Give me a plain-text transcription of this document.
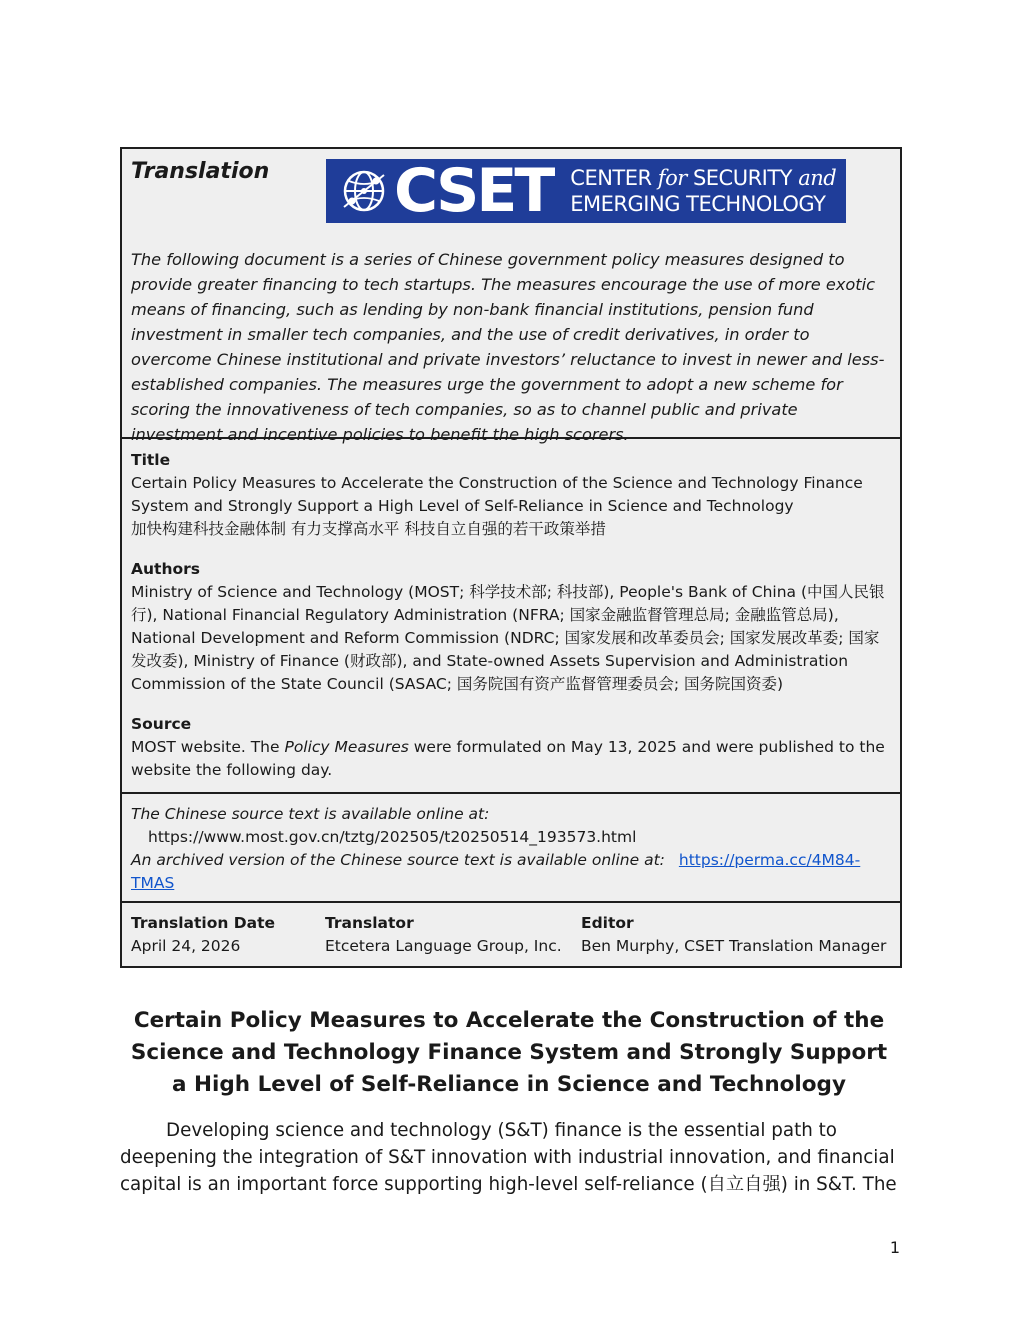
Translation CSET CENTER for SECURITY and
EMERGING TECHNOLOGY

The following document is a series of Chinese government policy measures designed to provide greater financing to tech startups. The measures encourage the use of more exotic means of financing, such as lending by non-bank financial institutions, pension fund investment in smaller tech companies, and the use of credit derivatives, in order to overcome Chinese institutional and private investors’ reluctance to invest in newer and less-established companies. The measures urge the government to adopt a new scheme for scoring the innovativeness of tech companies, so as to channel public and private investment and incentive policies to benefit the high scorers.

Title

Certain Policy Measures to Accelerate the Construction of the Science and Technology Finance System and Strongly Support a High Level of Self-Reliance in Science and Technology

加快构建科技金融体制 有力支撑高水平 科技自立自强的若干政策举措

Authors

Ministry of Science and Technology (MOST; 科学技术部; 科技部), People's Bank of China (中国人民银行), National Financial Regulatory Administration (NFRA; 国家金融监督管理总局; 金融监管总局), National Development and Reform Commission (NDRC; 国家发展和改革委员会; 国家发展改革委; 国家发改委), Ministry of Finance (财政部), and State-owned Assets Supervision and Administration Commission of the State Council (SASAC; 国务院国有资产监督管理委员会; 国务院国资委)

Source

MOST website. The Policy Measures were formulated on May 13, 2025 and were published to the website the following day.

The Chinese source text is available online at:

https://www.most.gov.cn/tztg/202505/t20250514_193573.html

An archived version of the Chinese source text is available online at: https://perma.cc/4M84-TMAS

Translation Date

April 24, 2026

Translator

Etcetera Language Group, Inc.

Editor

Ben Murphy, CSET Translation Manager

Certain Policy Measures to Accelerate the Construction of the Science and Technology Finance System and Strongly Support a High Level of Self-Reliance in Science and Technology

Developing science and technology (S&T) finance is the essential path to deepening the integration of S&T innovation with industrial innovation, and financial capital is an important force supporting high-level self-reliance (自立自强) in S&T. The

1
